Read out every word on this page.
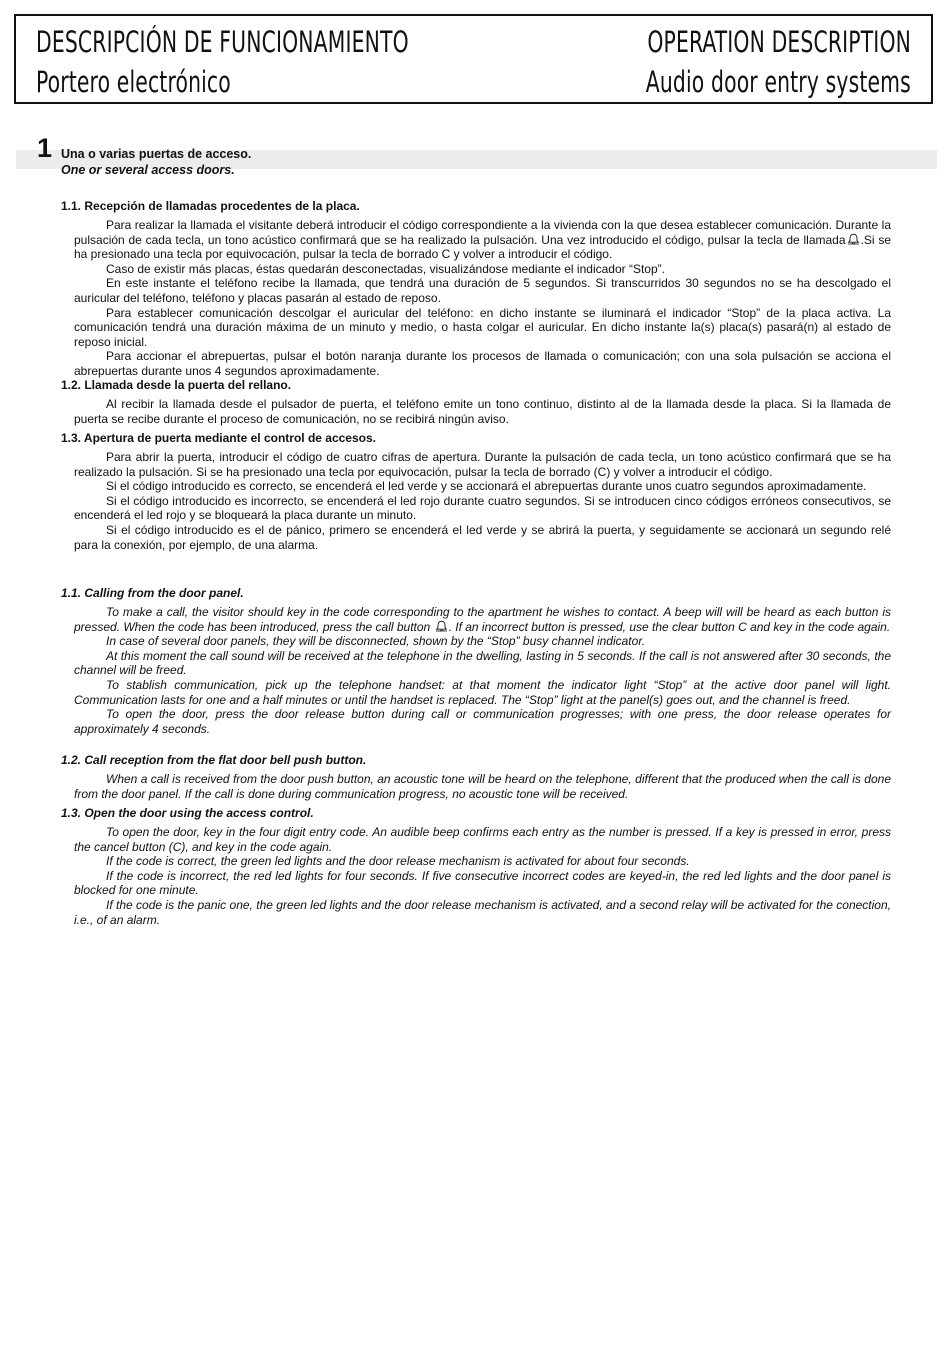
DESCRIPCIÓN DE FUNCIONAMIENTO
Portero electrónico
OPERATION DESCRIPTION
Audio door entry systems
1 Una o varias puertas de acceso.
One or several access doors.
1.1. Recepción de llamadas procedentes de la placa.

Para realizar la llamada el visitante deberá introducir el código correspondiente a la vivienda con la que desea establecer comunicación. Durante la pulsación de cada tecla, un tono acústico confirmará que se ha realizado la pulsación. Una vez introducido el código, pulsar la tecla de llamada .Si se ha presionado una tecla por equivocación, pulsar la tecla de borrado C y volver a introducir el código.

Caso de existir más placas, éstas quedarán desconectadas, visualizándose mediante el indicador “Stop”.

En este instante el teléfono recibe la llamada, que tendrá una duración de 5 segundos. Si transcurridos 30 segundos no se ha descolgado el auricular del teléfono, teléfono y placas pasarán al estado de reposo.

Para establecer comunicación descolgar el auricular del teléfono: en dicho instante se iluminará el indicador “Stop” de la placa activa. La comunicación tendrá una duración máxima de un minuto y medio, o hasta colgar el auricular. En dicho instante la(s) placa(s) pasará(n) al estado de reposo inicial.

Para accionar el abrepuertas, pulsar el botón naranja durante los procesos de llamada o comunicación; con una sola pulsación se acciona el abrepuertas durante unos 4 segundos aproximadamente.

1.2. Llamada desde la puerta del rellano.

Al recibir la llamada desde el pulsador de puerta, el teléfono emite un tono continuo, distinto al de la llamada desde la placa. Si la llamada de puerta se recibe durante el proceso de comunicación, no se recibirá ningún aviso.

1.3. Apertura de puerta mediante el control de accesos.

Para abrir la puerta, introducir el código de cuatro cifras de apertura. Durante la pulsación de cada tecla, un tono acústico confirmará que se ha realizado la pulsación. Si se ha presionado una tecla por equivocación, pulsar la tecla de borrado (C) y volver a introducir el código.

Si el código introducido es correcto, se encenderá el led verde y se accionará el abrepuertas durante unos cuatro segundos aproximadamente.

Si el código introducido es incorrecto, se encenderá el led rojo durante cuatro segundos. Si se introducen cinco códigos erróneos consecutivos, se encenderá el led rojo y se bloqueará la placa durante un minuto.

Si el código introducido es el de pánico, primero se encenderá el led verde y se abrirá la puerta, y seguidamente se accionará un segundo relé para la conexión, por ejemplo, de una alarma.

1.1. Calling from the door panel.

To make a call, the visitor should key in the code corresponding to the apartment he wishes to contact. A beep will will be heard as each button is pressed. When the code has been introduced, press the call button . If an incorrect button is pressed, use the clear button C and key in the code again.

In case of several door panels, they will be disconnected, shown by the “Stop” busy channel indicator.

At this moment the call sound will be received at the telephone in the dwelling, lasting in 5 seconds. If the call is not answered after 30 seconds, the channel will be freed.

To stablish communication, pick up the telephone handset: at that moment the indicator light “Stop” at the active door panel will light. Communication lasts for one and a half minutes or until the handset is replaced. The “Stop” light at the panel(s) goes out, and the channel is freed.

To open the door, press the door release button during call or communication progresses; with one press, the door release operates for approximately 4 seconds.

1.2. Call reception from the flat door bell push button.

When a call is received from the door push button, an acoustic tone will be heard on the telephone, different that the produced when the call is done from the door panel. If the call is done during communication progress, no acoustic tone will be received.

1.3. Open the door using the access control.

To open the door, key in the four digit entry code. An audible beep confirms each entry as the number is pressed. If a key is pressed in error, press the cancel button (C), and key in the code again.

If the code is correct, the green led lights and the door release mechanism is activated for about four seconds.

If the code is incorrect, the red led lights for four seconds. If five consecutive incorrect codes are keyed-in, the red led lights and the door panel is blocked for one minute.

If the code is the panic one, the green led lights and the door release mechanism is activated, and a second relay will be activated for the conection, i.e., of an alarm.
